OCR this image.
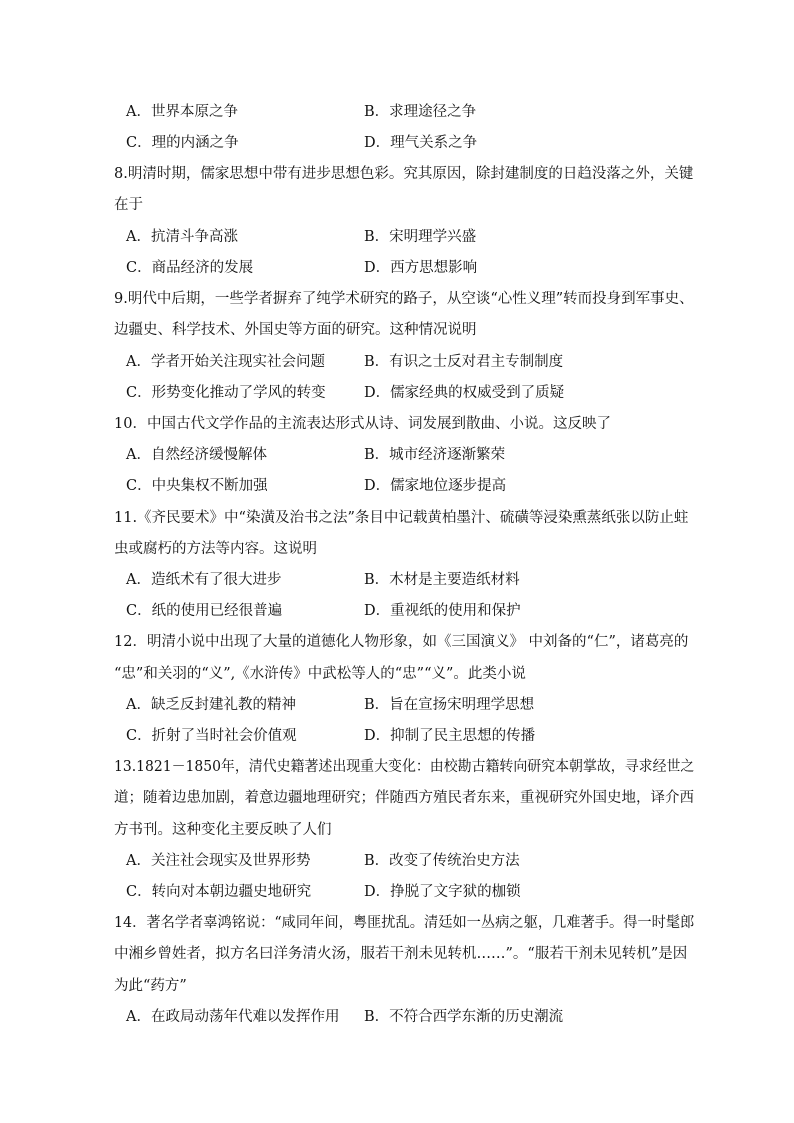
A．世界本原之争	B．求理途径之争
C．理的内涵之争	D．理气关系之争
8.明清时期，儒家思想中带有进步思想色彩。究其原因，除封建制度的日趋没落之外，关键
在于
A．抗清斗争高涨	B．宋明理学兴盛
C．商品经济的发展	D．西方思想影响
9.明代中后期，一些学者摒弃了纯学术研究的路子，从空谈“心性义理”转而投身到军事史、
边疆史、科学技术、外国史等方面的研究。这种情况说明
A．学者开始关注现实社会问题	B．有识之士反对君主专制制度
C．形势变化推动了学风的转变	D．儒家经典的权威受到了质疑
10．中国古代文学作品的主流表达形式从诗、词发展到散曲、小说。这反映了
A．自然经济缓慢解体	B．城市经济逐渐繁荣
C．中央集权不断加强	D．儒家地位逐步提高
11.《齐民要术》中“染潢及治书之法”条目中记载黄柏墨汁、硫磺等浸染熏蒸纸张以防止蛀
虫或腐朽的方法等内容。这说明
A．造纸术有了很大进步	B．木材是主要造纸材料
C．纸的使用已经很普遍	D．重视纸的使用和保护
12．明清小说中出现了大量的道德化人物形象，如《三国演义》 中刘备的“仁”，诸葛亮的
“忠”和关羽的“义”,《水浒传》中武松等人的“忠”“义”。此类小说
A．缺乏反封建礼教的精神	B．旨在宣扬宋明理学思想
C．折射了当时社会价值观	D．抑制了民主思想的传播
13.1821－1850年，清代史籍著述出现重大变化：由校勘古籍转向研究本朝掌故，寻求经世之
道；随着边患加剧，着意边疆地理研究；伴随西方殖民者东来，重视研究外国史地，译介西
方书刊。这种变化主要反映了人们
A．关注社会现实及世界形势	B．改变了传统治史方法
C．转向对本朝边疆史地研究	D．挣脱了文字狱的枷锁
14．著名学者辜鸿铭说：“咸同年间，粤匪扰乱。清廷如一丛病之躯，几难著手。得一时髦郎
中湘乡曾姓者，拟方名曰洋务清火汤，服若干剂未见转机……”。“服若干剂未见转机”是因
为此“药方”
A．在政局动荡年代难以发挥作用 B．不符合西学东渐的历史潮流
